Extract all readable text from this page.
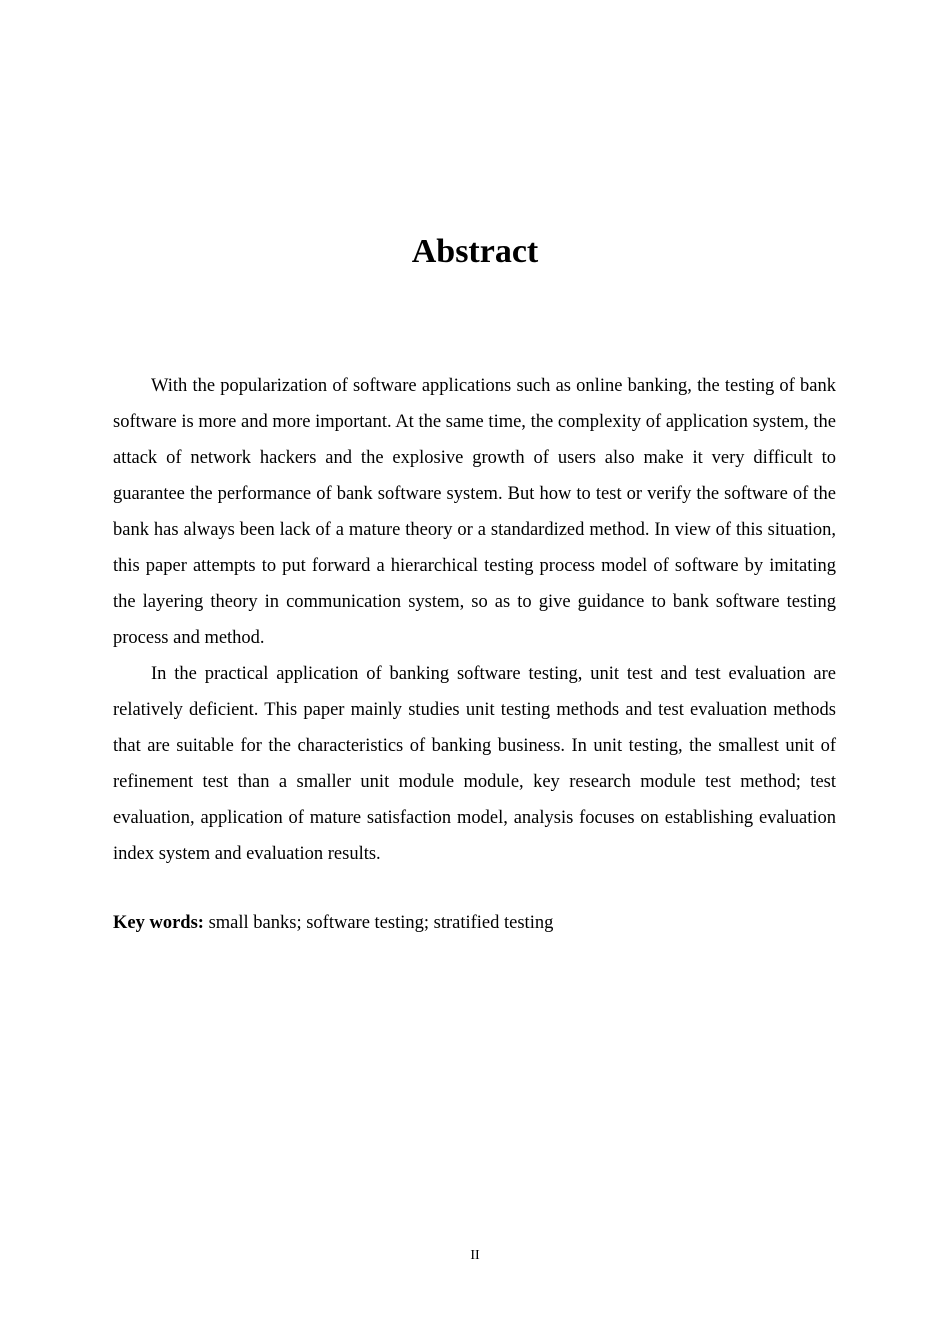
Abstract

With the popularization of software applications such as online banking, the testing of bank software is more and more important. At the same time, the complexity of application system, the attack of network hackers and the explosive growth of users also make it very difficult to guarantee the performance of bank software system. But how to test or verify the software of the bank has always been lack of a mature theory or a standardized method. In view of this situation, this paper attempts to put forward a hierarchical testing process model of software by imitating the layering theory in communication system, so as to give guidance to bank software testing process and method.

In the practical application of banking software testing, unit test and test evaluation are relatively deficient. This paper mainly studies unit testing methods and test evaluation methods that are suitable for the characteristics of banking business. In unit testing, the smallest unit of refinement test than a smaller unit module module, key research module test method; test evaluation, application of mature satisfaction model, analysis focuses on establishing evaluation index system and evaluation results.

Key words: small banks; software testing; stratified testing

II
